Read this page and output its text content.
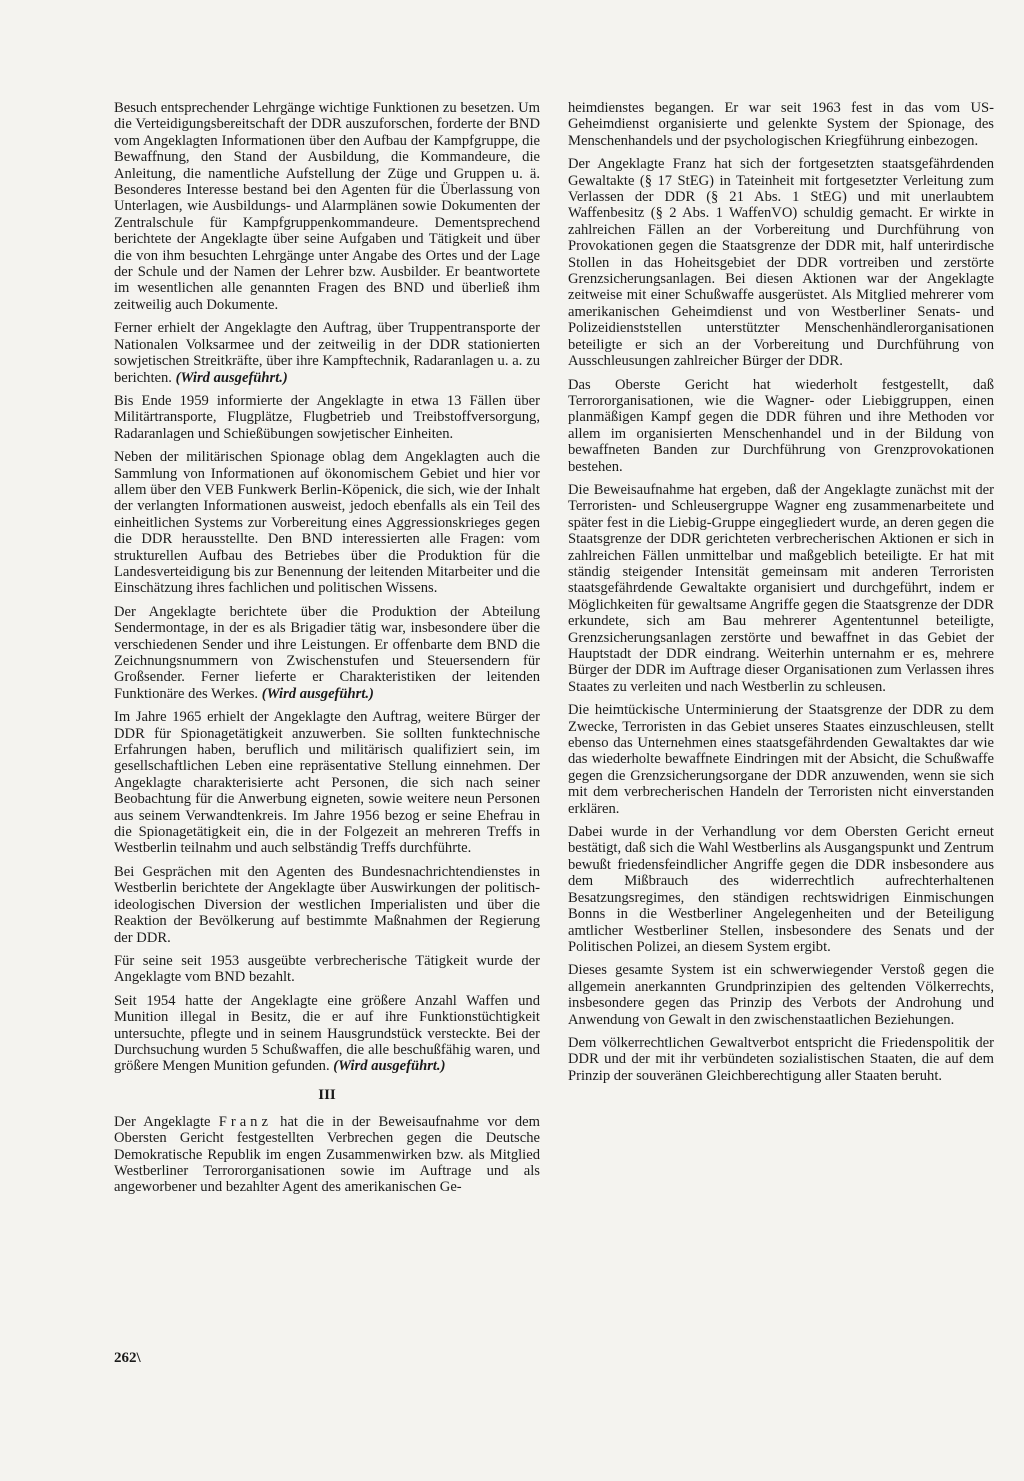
Besuch entsprechender Lehrgänge wichtige Funktionen zu besetzen. Um die Verteidigungsbereitschaft der DDR auszuforschen, forderte der BND vom Angeklagten Informationen über den Aufbau der Kampfgruppe, die Bewaffnung, den Stand der Ausbildung, die Kommandeure, die Anleitung, die namentliche Aufstellung der Züge und Gruppen u. ä. Besonderes Interesse bestand bei den Agenten für die Überlassung von Unterlagen, wie Ausbildungs- und Alarmplänen sowie Dokumenten der Zentralschule für Kampfgruppenkommandeure. Dementsprechend berichtete der Angeklagte über seine Aufgaben und Tätigkeit und über die von ihm besuchten Lehrgänge unter Angabe des Ortes und der Lage der Schule und der Namen der Lehrer bzw. Ausbilder. Er beantwortete im wesentlichen alle genannten Fragen des BND und überließ ihm zeitweilig auch Dokumente.

Ferner erhielt der Angeklagte den Auftrag, über Truppentransporte der Nationalen Volksarmee und der zeitweilig in der DDR stationierten sowjetischen Streitkräfte, über ihre Kampftechnik, Radaranlagen u. a. zu berichten. (Wird ausgeführt.)

Bis Ende 1959 informierte der Angeklagte in etwa 13 Fällen über Militärtransporte, Flugplätze, Flugbetrieb und Treibstoffversorgung, Radaranlagen und Schießübungen sowjetischer Einheiten.

Neben der militärischen Spionage oblag dem Angeklagten auch die Sammlung von Informationen auf ökonomischem Gebiet und hier vor allem über den VEB Funkwerk Berlin-Köpenick, die sich, wie der Inhalt der verlangten Informationen ausweist, jedoch ebenfalls als ein Teil des einheitlichen Systems zur Vorbereitung eines Aggressionskrieges gegen die DDR herausstellte. Den BND interessierten alle Fragen: vom strukturellen Aufbau des Betriebes über die Produktion für die Landesverteidigung bis zur Benennung der leitenden Mitarbeiter und die Einschätzung ihres fachlichen und politischen Wissens.

Der Angeklagte berichtete über die Produktion der Abteilung Sendermontage, in der es als Brigadier tätig war, insbesondere über die verschiedenen Sender und ihre Leistungen. Er offenbarte dem BND die Zeichnungsnummern von Zwischenstufen und Steuersendern für Großsender. Ferner lieferte er Charakteristiken der leitenden Funktionäre des Werkes. (Wird ausgeführt.)

Im Jahre 1965 erhielt der Angeklagte den Auftrag, weitere Bürger der DDR für Spionagetätigkeit anzuwerben. Sie sollten funktechnische Erfahrungen haben, beruflich und militärisch qualifiziert sein, im gesellschaftlichen Leben eine repräsentative Stellung einnehmen. Der Angeklagte charakterisierte acht Personen, die sich nach seiner Beobachtung für die Anwerbung eigneten, sowie weitere neun Personen aus seinem Verwandtenkreis. Im Jahre 1956 bezog er seine Ehefrau in die Spionagetätigkeit ein, die in der Folgezeit an mehreren Treffs in Westberlin teilnahm und auch selbständig Treffs durchführte.

Bei Gesprächen mit den Agenten des Bundesnachrichtendienstes in Westberlin berichtete der Angeklagte über Auswirkungen der politisch-ideologischen Diversion der westlichen Imperialisten und über die Reaktion der Bevölkerung auf bestimmte Maßnahmen der Regierung der DDR.

Für seine seit 1953 ausgeübte verbrecherische Tätigkeit wurde der Angeklagte vom BND bezahlt.

Seit 1954 hatte der Angeklagte eine größere Anzahl Waffen und Munition illegal in Besitz, die er auf ihre Funktionstüchtigkeit untersuchte, pflegte und in seinem Hausgrundstück versteckte. Bei der Durchsuchung wurden 5 Schußwaffen, die alle beschußfähig waren, und größere Mengen Munition gefunden. (Wird ausgeführt.)

III

Der Angeklagte Franz hat die in der Beweisaufnahme vor dem Obersten Gericht festgestellten Verbrechen gegen die Deutsche Demokratische Republik im engen Zusammenwirken bzw. als Mitglied Westberliner Terrororganisationen sowie im Auftrage und als angeworbener und bezahlter Agent des amerikanischen Ge-

heimdienstes begangen. Er war seit 1963 fest in das vom US-Geheimdienst organisierte und gelenkte System der Spionage, des Menschenhandels und der psychologischen Kriegführung einbezogen.

Der Angeklagte Franz hat sich der fortgesetzten staatsgefährdenden Gewaltakte (§ 17 StEG) in Tateinheit mit fortgesetzter Verleitung zum Verlassen der DDR (§ 21 Abs. 1 StEG) und mit unerlaubtem Waffenbesitz (§ 2 Abs. 1 WaffenVO) schuldig gemacht. Er wirkte in zahlreichen Fällen an der Vorbereitung und Durchführung von Provokationen gegen die Staatsgrenze der DDR mit, half unterirdische Stollen in das Hoheitsgebiet der DDR vortreiben und zerstörte Grenzsicherungsanlagen. Bei diesen Aktionen war der Angeklagte zeitweise mit einer Schußwaffe ausgerüstet. Als Mitglied mehrerer vom amerikanischen Geheimdienst und von Westberliner Senats- und Polizeidienststellen unterstützter Menschenhändlerorganisationen beteiligte er sich an der Vorbereitung und Durchführung von Ausschleusungen zahlreicher Bürger der DDR.

Das Oberste Gericht hat wiederholt festgestellt, daß Terrororganisationen, wie die Wagner- oder Liebiggruppen, einen planmäßigen Kampf gegen die DDR führen und ihre Methoden vor allem im organisierten Menschenhandel und in der Bildung von bewaffneten Banden zur Durchführung von Grenzprovokationen bestehen.

Die Beweisaufnahme hat ergeben, daß der Angeklagte zunächst mit der Terroristen- und Schleusergruppe Wagner eng zusammenarbeitete und später fest in die Liebig-Gruppe eingegliedert wurde, an deren gegen die Staatsgrenze der DDR gerichteten verbrecherischen Aktionen er sich in zahlreichen Fällen unmittelbar und maßgeblich beteiligte. Er hat mit ständig steigender Intensität gemeinsam mit anderen Terroristen staatsgefährdende Gewaltakte organisiert und durchgeführt, indem er Möglichkeiten für gewaltsame Angriffe gegen die Staatsgrenze der DDR erkundete, sich am Bau mehrerer Agententunnel beteiligte, Grenzsicherungsanlagen zerstörte und bewaffnet in das Gebiet der Hauptstadt der DDR eindrang. Weiterhin unternahm er es, mehrere Bürger der DDR im Auftrage dieser Organisationen zum Verlassen ihres Staates zu verleiten und nach Westberlin zu schleusen.

Die heimtückische Unterminierung der Staatsgrenze der DDR zu dem Zwecke, Terroristen in das Gebiet unseres Staates einzuschleusen, stellt ebenso das Unternehmen eines staatsgefährdenden Gewaltaktes dar wie das wiederholte bewaffnete Eindringen mit der Absicht, die Schußwaffe gegen die Grenzsicherungsorgane der DDR anzuwenden, wenn sie sich mit dem verbrecherischen Handeln der Terroristen nicht einverstanden erklären.

Dabei wurde in der Verhandlung vor dem Obersten Gericht erneut bestätigt, daß sich die Wahl Westberlins als Ausgangspunkt und Zentrum bewußt friedensfeindlicher Angriffe gegen die DDR insbesondere aus dem Mißbrauch des widerrechtlich aufrechterhaltenen Besatzungsregimes, den ständigen rechtswidrigen Einmischungen Bonns in die Westberliner Angelegenheiten und der Beteiligung amtlicher Westberliner Stellen, insbesondere des Senats und der Politischen Polizei, an diesem System ergibt.

Dieses gesamte System ist ein schwerwiegender Verstoß gegen die allgemein anerkannten Grundprinzipien des geltenden Völkerrechts, insbesondere gegen das Prinzip des Verbots der Androhung und Anwendung von Gewalt in den zwischenstaatlichen Beziehungen.

Dem völkerrechtlichen Gewaltverbot entspricht die Friedenspolitik der DDR und der mit ihr verbündeten sozialistischen Staaten, die auf dem Prinzip der souveränen Gleichberechtigung aller Staaten beruht.

262\
